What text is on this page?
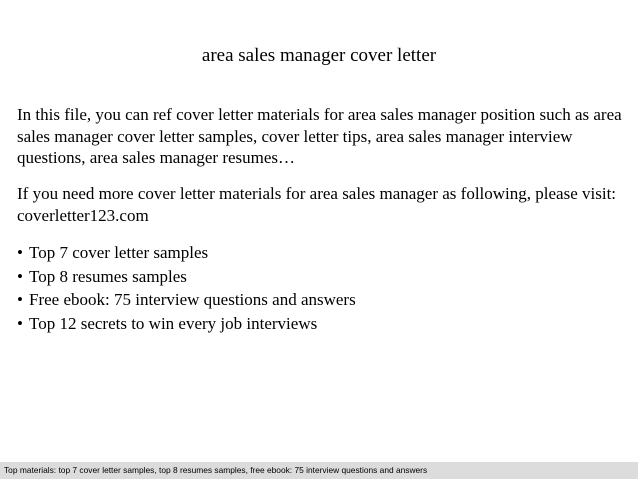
area sales manager cover letter
In this file, you can ref cover letter materials for area sales manager position such as area sales manager cover letter samples, cover letter tips, area sales manager interview questions, area sales manager resumes…
If you need more cover letter materials for area sales manager as following, please visit: coverletter123.com
• Top 7 cover letter samples
• Top 8 resumes samples
• Free ebook: 75 interview questions and answers
• Top 12 secrets to win every job interviews
Top materials: top 7 cover letter samples, top 8 resumes samples, free ebook: 75 interview questions and answers
